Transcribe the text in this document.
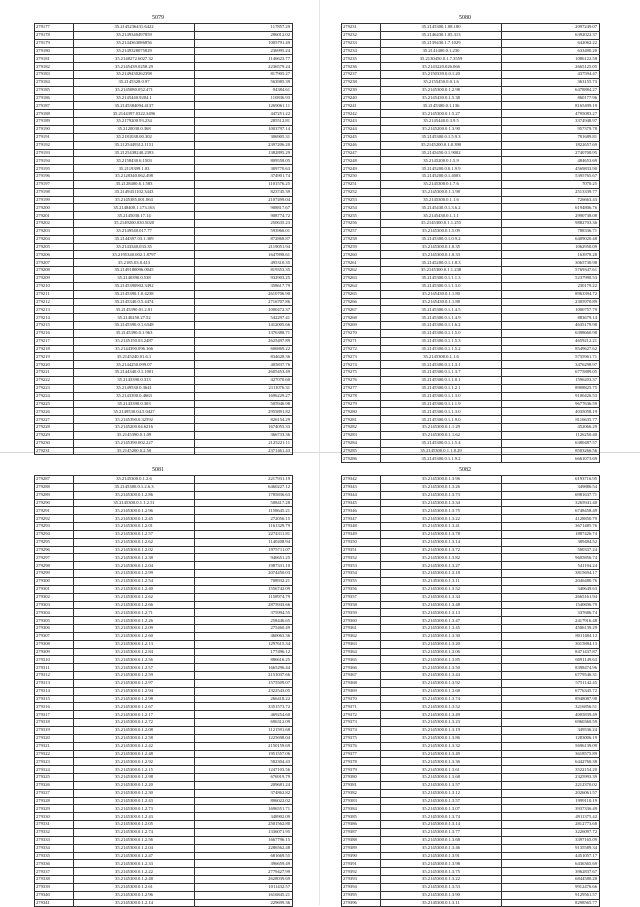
5079
279177	35.2145236431.6422	117857.29
279178	35.2149340497859	286012.02
279179	35.2144363086856	1005791.49
279180	35.2149328075829	236995.24
279181	35.2148272.6027.32	1146623.77
279182	35.2145439.0258.29	2236579.24
279183	35.2149430262398	817905.27
279184	35.2145328.0.97	563985.39
279185	35.2145080.052.471	94384.61
279186	35.2145440.9204.1	110836.93
279187	35.2145384094.4137	1269061.11
279188	35.2144397.0322.3496	447251.22
279189	35.2179200.93.234	285512.81
279190	35.2120038.0.368	1003797.14
279191	35.2181038.00.302	306905.31
279192	35.2125449312.1151	2397206.20
279193	35.2125438240.2393	1382895.29
279194	35.2158430.6.1503	809558.05
279195	35.2119399.1.03	309770.63
279196	35.2128340.062.498	374901.74
279197	35.2128400.6.1.583	1101576.25
279198	35.2149431102.3443	823745.39
279199	35.2145385.001.063	2107499.04
279200	35.2148400.1.173.163	908817.67
279201	35.2145030.17.14	908774.72
279202	35.2149200.030.5020	250635.23
279203	35.2149540.017.77	593966.01
279204	35.2144397.03.1.309	872868.87
279205	35.2143340.033.35	2119051.94
279206	35.2195340.002.1.8797	1647898.61
279207	35.2185.03.0.413	495310.35
279208	35.2149180096.0045	819353.35
279209	35.2140390.0.538	932903.25
279210	35.2145390902.3492	358617.79
279211	35.2145390.1.0.4238	2610706.90
279212	35.2145340.0.5.4474	2716707.86
279213	35.2145390.01.2.01	1000472.37
279214	35.2140250.27.52	542297.41
279215	35.2145390.0.1.6348	1412005.66
279216	35.2145390.0.1.963	1376388.71
279217	35.2145150.03.2487	2625497.89
279218	35.2144390.096.166	606869.22
279219	35.2145240.01.6.1	834628.36
279220	35.2144250.099.07	405837.76
279221	35.2144340.0.1.1001	2605453.49
279222	35.2143390.0.313	427070.60
279223	35.2149530.0.3641	2111076.31
279224	35.2143390.0.4663	1696229.27
279225	35.2143390.0.303	505946.98
279226	35.2149530.04.5.0427	2955891.82
279227	35.2145390.0.32592	826154.29
279228	35.2145200.04.6216	1674055.33
279229	35.2145390.0.1.09	366733.36
279230	35.2145390.002.227	2125221.11
279231	35.2145200.0.2.50	2371461.43
5080
279231	35.2145300.1.08.180	2097249.07
279232	35.2146430.1.05.313	6392022.37
279233	35.2139430.1.7.1029	642062.22
279234	35.2141400.0.1.230	633490.20
279235	35.2130450.0.1.7.3559	1086122.58
279236	35.2143220.026.066	2665125.05
279237	35.2150339.0.0.1.20	437594.47
279238	35.2155450.0.0.1.6	363155.73
279239	35.2145300.0.1.2.98	6478884.27
279240	35.2145430.0.1.5.38	860177.96
279241	35.2145300.0.1.136	8165499.19
279242	35.2145300.0.1.5.27	4795083.27
279243	35.2145440.0.3.9.5	3374948.97
279244	35.2145200.0.1.3.90	957379.78
279245	35.2145300.0.1.5.9.3	781689.81
279246	35.2145200.0.1.0.390	1822657.69
279247	35.2145450.0.1.9002	2740700.95
279248	35.2145200.0.1.5.9	484653.69
279249	35.2145200.0.0.1.9.9	4569833.90
279250	35.2145200.0.1.4003	5395765.67
279251	35.2145300.0.1.7.6	7070.25
279252	35.2145300.0.1.1.98	2513339.77
279253	35.2145300.0.1.1.6	726663.43
279254	35.2145430.0.1.3.6.2	6194806.76
279255	35.2145430.0.1.1.1	2990738.08
279256	35.2145300.0.1.1.255	9882703.36
279257	35.2145300.0.1.5.09	788336.71
279258	35.2145300.0.1.0.9.2	6409020.48
279259	35.2145300.0.1.0.35	1062950.09
279260	35.2145300.0.1.0.33	163978.28
279261	35.2145200.0.1.1.8.3	3065730.98
279262	35.2145300.0.1.1.238	5769347.61
279263	35.2145300.0.1.1.1.3	5237990.53
279264	35.2145300.0.1.1.3.0	230179.22
279265	35.2145430.0.1.1.80	8963394.72
279266	35.2145430.0.1.1.88	2305970.89
279267	35.2145300.0.1.1.4.5	1000757.79
279268	35.2145300.0.1.1.4.9	883679.14
279269	35.2145300.0.1.1.6.2	4635179.98
279270	35.2145300.0.1.1.5.0	6398660.98
279271	35.2145300.0.1.1.5.3	4659212.21
279272	35.2145300.0.1.1.5.2	8549627.62
279273	35.2145300.0.1.1.6	5735961.71
279274	35.2145300.0.1.1.3.1	3476298.97
279275	35.2145300.0.1.1.3.7	6775889.05
279276	35.2145300.0.1.1.0.1	1596203.37
279277	35.2145300.0.1.1.2.1	8908825.75
279278	35.2145300.0.1.1.3.0	9100426.53
279279	35.2145300.0.1.1.1.9	9677636.59
279280	35.2145300.0.1.1.3.0	4035058.19
279281	35.2145300.0.1.1.9.0	8116635.77
279282	35.2145300.0.1.1.29	452066.29
279283	35.2145300.0.1.1.62	1126250.40
279284	35.2145300.0.1.1.5.4	6380487.57
279285	35.2145300.0.1.1.8.29	8503266.56
279286	35.2145300.0.1.1.9.2	6661073.69
5081
279287	35.2145300.0.1.2.6	2217931.19
279288	35.2145300.0.1.2.6.3	6460227.12
279289	35.2145300.0.1.2.86	1785836.63
279290	35.2145300.0.1.1.2.51	508417.28
279291	35.2145300.0.1.2.96	1158645.21
279292	35.2145300.0.1.2.45	272056.15
279293	35.2145300.0.1.2.01	1161329.79
279294	35.2145300.0.1.2.57	2274311.81
279295	35.2145300.0.1.2.62	1140208.94
279296	35.2145300.0.1.2.02	1975711.07
279297	35.2145300.0.1.2.38	946651.25
279298	35.2145300.0.1.2.04	1987331.10
279299	35.2145300.0.1.2.99	2074450.03
279300	35.2145300.0.1.2.54	708932.21
279301	35.2145300.0.1.2.40	1556742.09
279302	35.2145300.0.1.2.62	1158974.79
279303	35.2145300.0.1.2.66	2875943.66
279304	35.2145300.0.1.2.71	375994.55
279305	35.2145300.0.1.2.26	258446.65
279306	35.2145300.0.1.2.09	275460.49
279307	35.2145300.0.1.2.60	460063.36
279308	35.2145300.0.1.2.13	1297615.34
279309	35.2145300.0.1.2.84	177496.12
279310	35.2145300.0.1.2.56	886616.25
279311	35.2145300.0.1.2.57	1665296.44
279312	35.2145300.0.1.2.59	2151037.66
279313	35.2145300.0.1.2.97	1575509.07
279314	35.2145300.0.1.2.94	2322543.05
279315	35.2145300.0.1.2.98	266418.22
279316	35.2145300.0.1.2.67	3351573.72
279317	35.2145300.0.1.2.17	469254.60
279318	35.2145300.0.1.2.72	696312.09
279319	35.2145300.0.1.2.08	1121591.68
279320	35.2145300.0.1.2.58	1225698.04
279321	35.2145300.0.1.2.42	2150159.69
279322	35.2145300.0.1.2.48	1951557.06
279323	35.2145300.0.1.2.92	582304.43
279324	35.2145300.0.1.2.15	1247103.56
279325	35.2145300.0.1.2.98	676919.79
279326	35.2145300.0.1.2.20	209681.24
279327	35.2145300.0.1.2.30	374862.82
279328	35.2145300.0.1.2.43	896022.02
279329	35.2145300.0.1.2.73	1696551.71
279330	35.2145300.0.1.2.43	348902.09
279331	35.2145300.0.1.2.05	2501562.80
279332	35.2145300.0.1.2.74	1336071.95
279333	35.2145300.0.1.2.56	1667796.15
279334	35.2145300.0.1.2.04	2286562.48
279335	35.2145300.0.1.2.47	681669.55
279336	35.2145300.0.1.2.33	396659.49
279337	35.2145300.0.1.2.22	2779427.99
279338	35.2145300.0.1.2.48	2628039.69
279339	35.2145300.0.1.2.61	1011432.57
279340	35.2145300.0.1.2.96	1616845.21
279341	35.2145300.0.1.2.14	229699.36
5082
279342	35.2145300.0.1.3.96	6193716.95
279343	35.2145300.0.1.3.26	349886.54
279344	35.2145300.0.1.3.73	6981637.71
279345	35.2145300.0.1.3.34	3265941.40
279346	35.2145300.0.1.3.75	6748458.49
279347	35.2145300.0.1.3.22	4128850.79
279348	35.2145300.0.1.3.41	3671485.76
279349	35.2145300.0.1.3.78	1887426.74
279350	35.2145300.0.1.3.14	389484.52
279351	35.2145300.0.1.3.72	500337.24
279352	35.2145300.0.1.3.82	9605856.74
279353	35.2145300.0.1.3.27	541194.24
279354	35.2145300.0.1.3.18	3815694.17
279355	35.2145300.0.1.3.11	2046480.76
279356	35.2145300.0.1.3.52	340649.63
279357	35.2145300.0.1.3.34	2665161.94
279358	35.2145300.0.1.3.48	1540696.79
279359	35.2145300.0.1.3.13	337686.74
279360	35.2145300.0.1.3.47	2417916.48
279361	35.2145300.0.1.3.45	4506139.29
279362	35.2145300.0.1.3.30	8011484.12
279363	35.2145300.0.1.3.20	3015884.13
279364	35.2145300.0.1.3.06	8471437.87
279365	35.2145300.0.1.3.85	6091149.63
279366	35.2145300.0.1.3.50	8398474.96
279367	35.2145300.0.1.3.44	6779546.31
279368	35.2145300.0.1.3.92	5751142.45
279369	35.2145300.0.1.3.68	6776345.72
279370	35.2145300.0.1.3.74	8948087.98
279371	35.2145300.0.1.3.52	3216856.51
279372	35.2145300.0.1.3.49	4005839.49
279373	35.2145300.0.1.3.23	6960360.59
279374	35.2145300.0.1.3.19	349536.24
279375	35.2145300.0.1.3.86	1283006.19
279376	35.2145300.0.1.3.32	5696139.09
279377	35.2145300.0.1.3.49	3618575.89
279378	35.2145300.0.1.3.36	6442760.38
279379	35.2145300.0.1.3.61	3522154.20
279380	35.2145300.0.1.3.68	2325993.39
279381	35.2145300.0.1.3.57	2212370.02
279382	35.2145300.0.1.3.12	2026061.57
279383	35.2145300.0.1.3.57	1999110.19
279384	35.2145300.0.1.3.07	3937336.49
279385	35.2145300.0.1.3.74	4911375.42
279386	35.2145300.0.1.3.14	2812773.68
279387	35.2145300.0.1.3.77	3226097.72
279388	35.2145300.0.1.3.68	3397165.09
279389	35.2145300.0.1.3.46	9135589.34
279390	35.2145300.0.1.3.91	4451057.17
279391	35.2145300.0.1.3.98	6436365.69
279392	35.2145300.0.1.3.75	3962837.67
279393	35.2145300.0.1.3.22	6844580.28
279394	35.2145300.0.1.3.53	9912476.66
279395	35.2145300.0.1.3.90	9129561.57
279396	35.2145300.0.1.3.11	8298565.77
